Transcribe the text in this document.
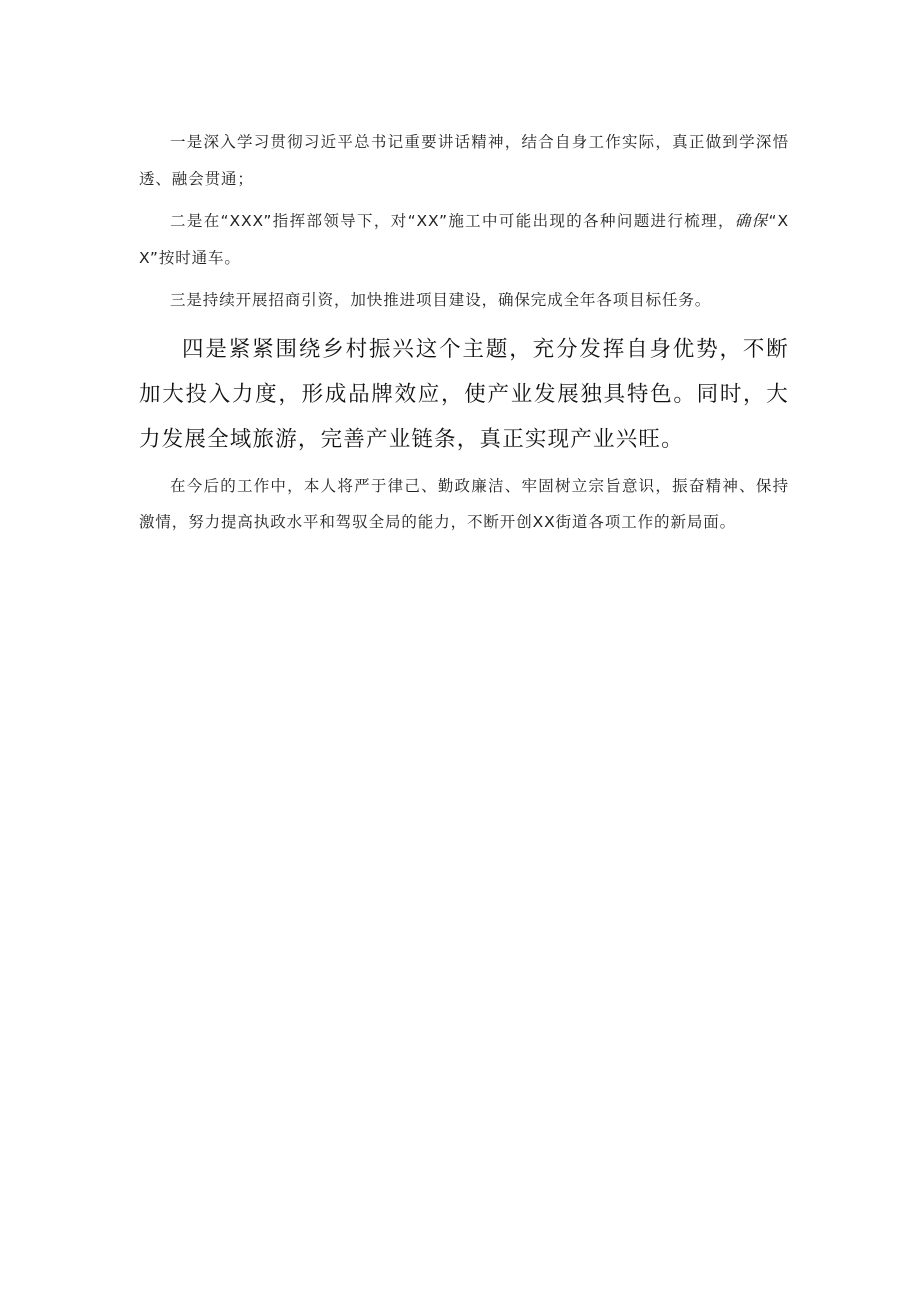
一是深入学习贯彻习近平总书记重要讲话精神，结合自身工作实际，真正做到学深悟透、融会贯通；

二是在“XXX”指挥部领导下，对“XX”施工中可能出现的各种问题进行梳理，确保“XX”按时通车。

三是持续开展招商引资，加快推进项目建设，确保完成全年各项目标任务。

四是紧紧围绕乡村振兴这个主题，充分发挥自身优势，不断加大投入力度，形成品牌效应，使产业发展独具特色。同时，大力发展全域旅游，完善产业链条，真正实现产业兴旺。

在今后的工作中，本人将严于律己、勤政廉洁、牢固树立宗旨意识，振奋精神、保持激情，努力提高执政水平和驾驭全局的能力，不断开创XX街道各项工作的新局面。
